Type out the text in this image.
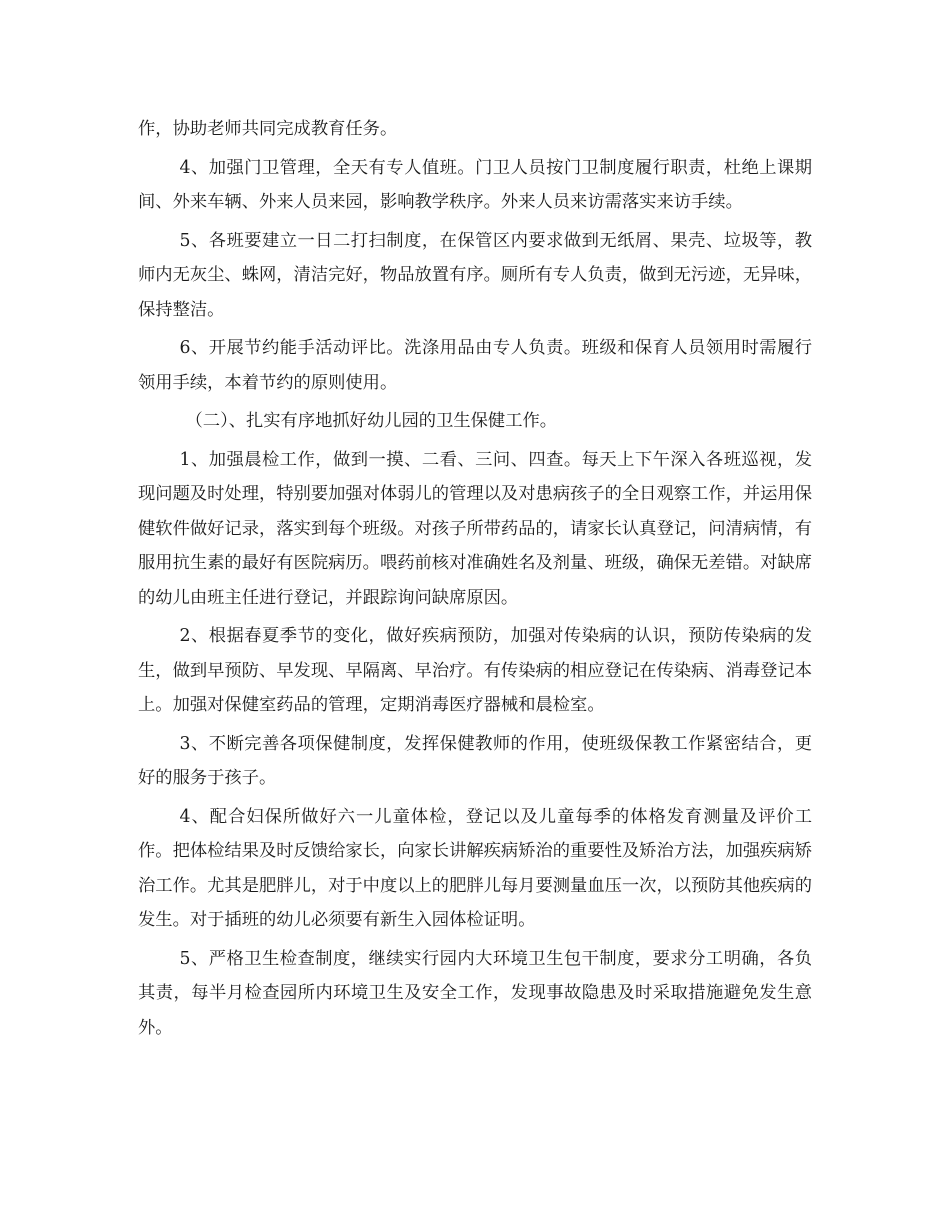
作，协助老师共同完成教育任务。

4、加强门卫管理，全天有专人值班。门卫人员按门卫制度履行职责，杜绝上课期间、外来车辆、外来人员来园，影响教学秩序。外来人员来访需落实来访手续。

5、各班要建立一日二打扫制度，在保管区内要求做到无纸屑、果壳、垃圾等，教师内无灰尘、蛛网，清洁完好，物品放置有序。厕所有专人负责，做到无污迹，无异味，保持整洁。

6、开展节约能手活动评比。洗涤用品由专人负责。班级和保育人员领用时需履行领用手续，本着节约的原则使用。

（二）、扎实有序地抓好幼儿园的卫生保健工作。

1、加强晨检工作，做到一摸、二看、三问、四查。每天上下午深入各班巡视，发现问题及时处理，特别要加强对体弱儿的管理以及对患病孩子的全日观察工作，并运用保健软件做好记录，落实到每个班级。对孩子所带药品的，请家长认真登记，问清病情，有服用抗生素的最好有医院病历。喂药前核对准确姓名及剂量、班级，确保无差错。对缺席的幼儿由班主任进行登记，并跟踪询问缺席原因。

2、根据春夏季节的变化，做好疾病预防，加强对传染病的认识，预防传染病的发生，做到早预防、早发现、早隔离、早治疗。有传染病的相应登记在传染病、消毒登记本上。加强对保健室药品的管理，定期消毒医疗器械和晨检室。

3、不断完善各项保健制度，发挥保健教师的作用，使班级保教工作紧密结合，更好的服务于孩子。

4、配合妇保所做好六一儿童体检，登记以及儿童每季的体格发育测量及评价工作。把体检结果及时反馈给家长，向家长讲解疾病矫治的重要性及矫治方法，加强疾病矫治工作。尤其是肥胖儿，对于中度以上的肥胖儿每月要测量血压一次，以预防其他疾病的发生。对于插班的幼儿必须要有新生入园体检证明。

5、严格卫生检查制度，继续实行园内大环境卫生包干制度，要求分工明确，各负其责，每半月检查园所内环境卫生及安全工作，发现事故隐患及时采取措施避免发生意外。
